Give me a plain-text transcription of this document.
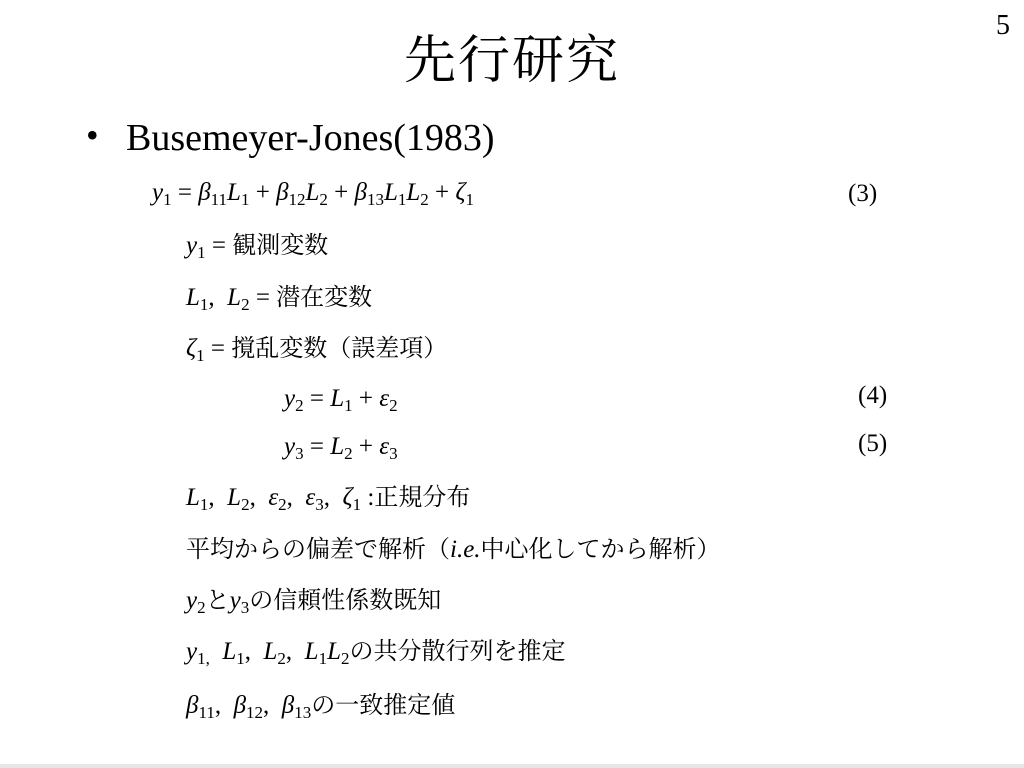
5
先行研究
• Busemeyer-Jones(1983)
$y_1 = \beta_{11}L_1 + \beta_{12}L_2 + \beta_{13}L_1L_2 + \zeta_1$	(3)
$y_1$ = 観測変数
$L_1$,  $L_2$ = 潜在変数
$\zeta_1$ = 撹乱変数（誤差項）
$y_2 = L_1 + \varepsilon_2$	(4)
$y_3 = L_2 + \varepsilon_3$	(5)
$L_1$,  $L_2$,  $\varepsilon_2$,  $\varepsilon_3$,  $\zeta_1$ :正規分布
平均からの偏差で解析（i.e.中心化してから解析）
$y_2$と$y_3$の信頼性係数既知
$y_{1,}$  $L_1$,  $L_2$,  $L_1L_2$の共分散行列を推定
$\beta_{11}$,  $\beta_{12}$,  $\beta_{13}$の一致推定値
